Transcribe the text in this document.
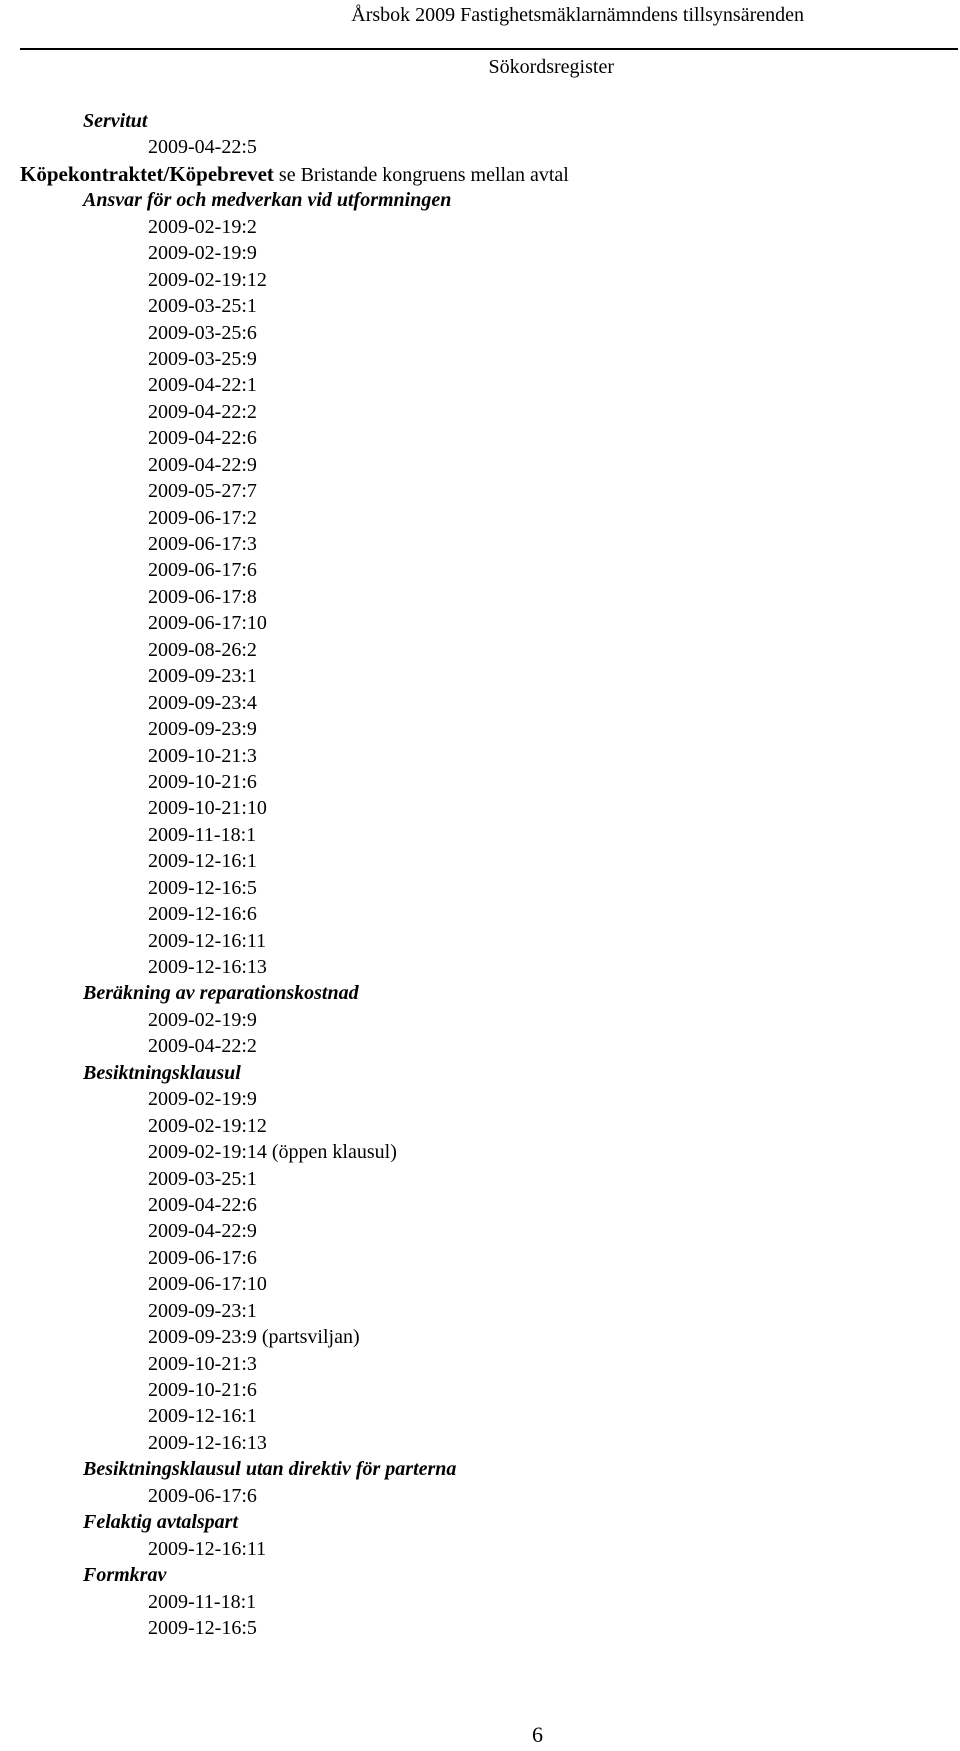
Årsbok 2009 Fastighetsmäklarnämndens tillsynsärenden
Sökordsregister
Servitut
2009-04-22:5
Köpekontraktet/Köpebrevet se Bristande kongruens mellan avtal
Ansvar för och medverkan vid utformningen
2009-02-19:2
2009-02-19:9
2009-02-19:12
2009-03-25:1
2009-03-25:6
2009-03-25:9
2009-04-22:1
2009-04-22:2
2009-04-22:6
2009-04-22:9
2009-05-27:7
2009-06-17:2
2009-06-17:3
2009-06-17:6
2009-06-17:8
2009-06-17:10
2009-08-26:2
2009-09-23:1
2009-09-23:4
2009-09-23:9
2009-10-21:3
2009-10-21:6
2009-10-21:10
2009-11-18:1
2009-12-16:1
2009-12-16:5
2009-12-16:6
2009-12-16:11
2009-12-16:13
Beräkning av reparationskostnad
2009-02-19:9
2009-04-22:2
Besiktningsklausul
2009-02-19:9
2009-02-19:12
2009-02-19:14 (öppen klausul)
2009-03-25:1
2009-04-22:6
2009-04-22:9
2009-06-17:6
2009-06-17:10
2009-09-23:1
2009-09-23:9 (partsviljan)
2009-10-21:3
2009-10-21:6
2009-12-16:1
2009-12-16:13
Besiktningsklausul utan direktiv för parterna
2009-06-17:6
Felaktig avtalspart
2009-12-16:11
Formkrav
2009-11-18:1
2009-12-16:5
6
